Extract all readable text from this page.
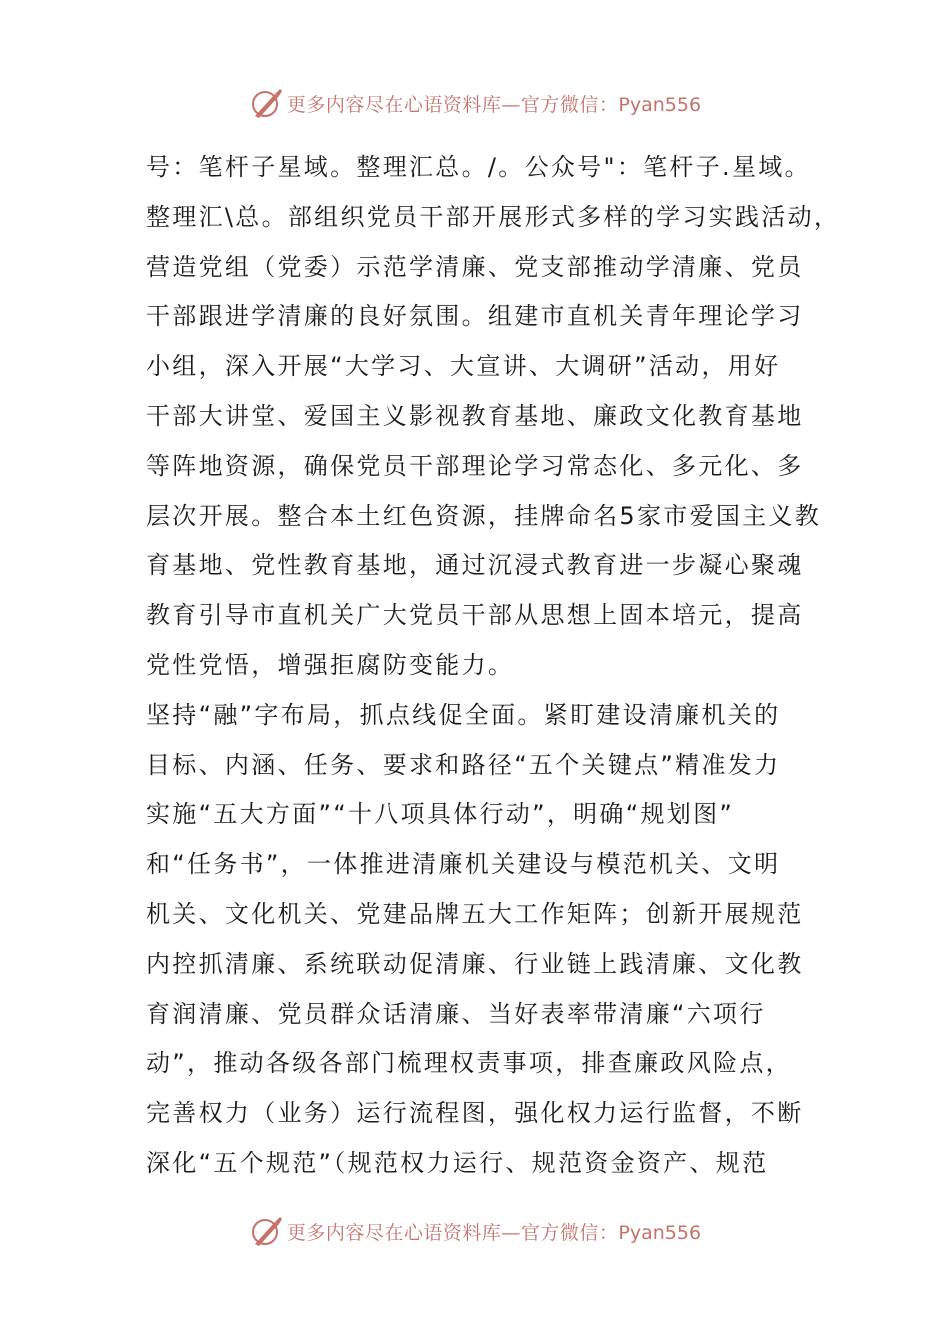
更多内容尽在心语资料库—官方微信：Pyan556
号：笔杆子星域。整理汇总。/。公众号"：笔杆子.星域。
整理汇\总。部组织党员干部开展形式多样的学习实践活动，
营造党组（党委）示范学清廉、党支部推动学清廉、党员
干部跟进学清廉的良好氛围。组建市直机关青年理论学习
小组，深入开展“大学习、大宣讲、大调研”活动，用好
干部大讲堂、爱国主义影视教育基地、廉政文化教育基地
等阵地资源，确保党员干部理论学习常态化、多元化、多
层次开展。整合本土红色资源，挂牌命名5家市爱国主义教
育基地、党性教育基地，通过沉浸式教育进一步凝心聚魂
教育引导市直机关广大党员干部从思想上固本培元，提高
党性党悟，增强拒腐防变能力。
坚持“融”字布局，抓点线促全面。紧盯建设清廉机关的
目标、内涵、任务、要求和路径“五个关键点”精准发力
实施“五大方面”“十八项具体行动”，明确“规划图”
和“任务书”，一体推进清廉机关建设与模范机关、文明
机关、文化机关、党建品牌五大工作矩阵；创新开展规范
内控抓清廉、系统联动促清廉、行业链上践清廉、文化教
育润清廉、党员群众话清廉、当好表率带清廉“六项行
动”，推动各级各部门梳理权责事项，排查廉政风险点，
完善权力（业务）运行流程图，强化权力运行监督，不断
深化“五个规范”（规范权力运行、规范资金资产、规范
更多内容尽在心语资料库—官方微信：Pyan556
